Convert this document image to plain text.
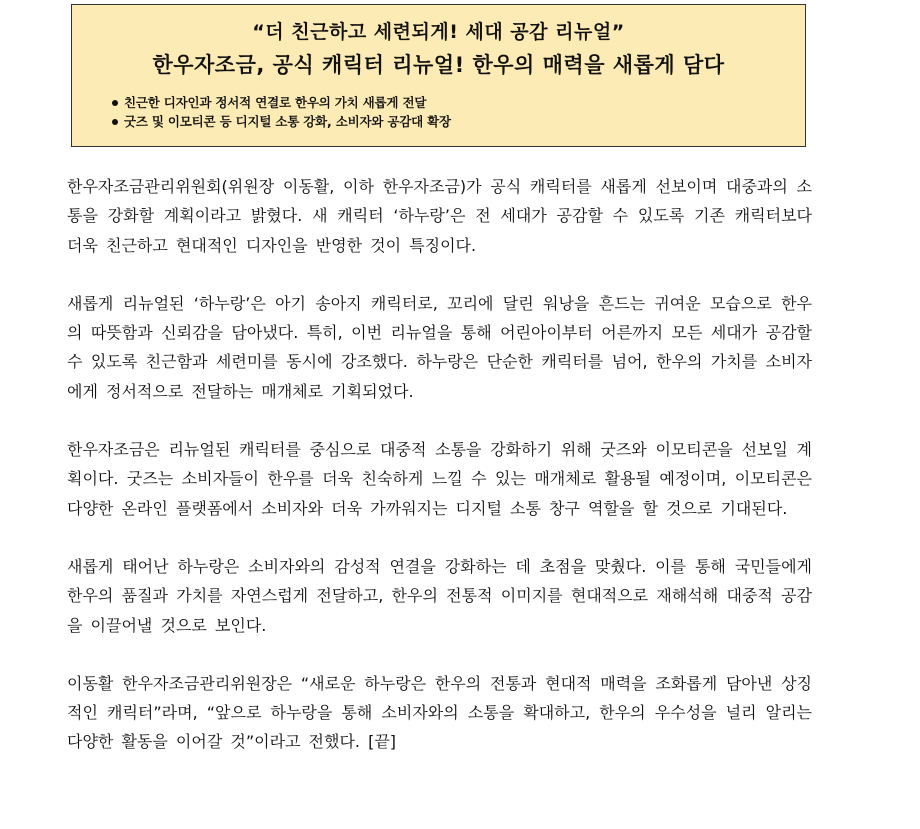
“더 친근하고 세련되게! 세대 공감 리뉴얼”
한우자조금, 공식 캐릭터 리뉴얼! 한우의 매력을 새롭게 담다
친근한 디자인과 정서적 연결로 한우의 가치 새롭게 전달
굿즈 및 이모티콘 등 디지털 소통 강화, 소비자와 공감대 확장

한우자조금관리위원회(위원장 이동활, 이하 한우자조금)가 공식 캐릭터를 새롭게 선보이며 대중과의 소통을 강화할 계획이라고 밝혔다. 새 캐릭터 ‘하누랑’은 전 세대가 공감할 수 있도록 기존 캐릭터보다 더욱 친근하고 현대적인 디자인을 반영한 것이 특징이다.

새롭게 리뉴얼된 ‘하누랑’은 아기 송아지 캐릭터로, 꼬리에 달린 워낭을 흔드는 귀여운 모습으로 한우의 따뜻함과 신뢰감을 담아냈다. 특히, 이번 리뉴얼을 통해 어린아이부터 어른까지 모든 세대가 공감할 수 있도록 친근함과 세련미를 동시에 강조했다. 하누랑은 단순한 캐릭터를 넘어, 한우의 가치를 소비자에게 정서적으로 전달하는 매개체로 기획되었다.

한우자조금은 리뉴얼된 캐릭터를 중심으로 대중적 소통을 강화하기 위해 굿즈와 이모티콘을 선보일 계획이다. 굿즈는 소비자들이 한우를 더욱 친숙하게 느낄 수 있는 매개체로 활용될 예정이며, 이모티콘은 다양한 온라인 플랫폼에서 소비자와 더욱 가까워지는 디지털 소통 창구 역할을 할 것으로 기대된다.

새롭게 태어난 하누랑은 소비자와의 감성적 연결을 강화하는 데 초점을 맞췄다. 이를 통해 국민들에게 한우의 품질과 가치를 자연스럽게 전달하고, 한우의 전통적 이미지를 현대적으로 재해석해 대중적 공감을 이끌어낼 것으로 보인다.

이동활 한우자조금관리위원장은 “새로운 하누랑은 한우의 전통과 현대적 매력을 조화롭게 담아낸 상징적인 캐릭터”라며, “앞으로 하누랑을 통해 소비자와의 소통을 확대하고, 한우의 우수성을 널리 알리는 다양한 활동을 이어갈 것”이라고 전했다. [끝]
